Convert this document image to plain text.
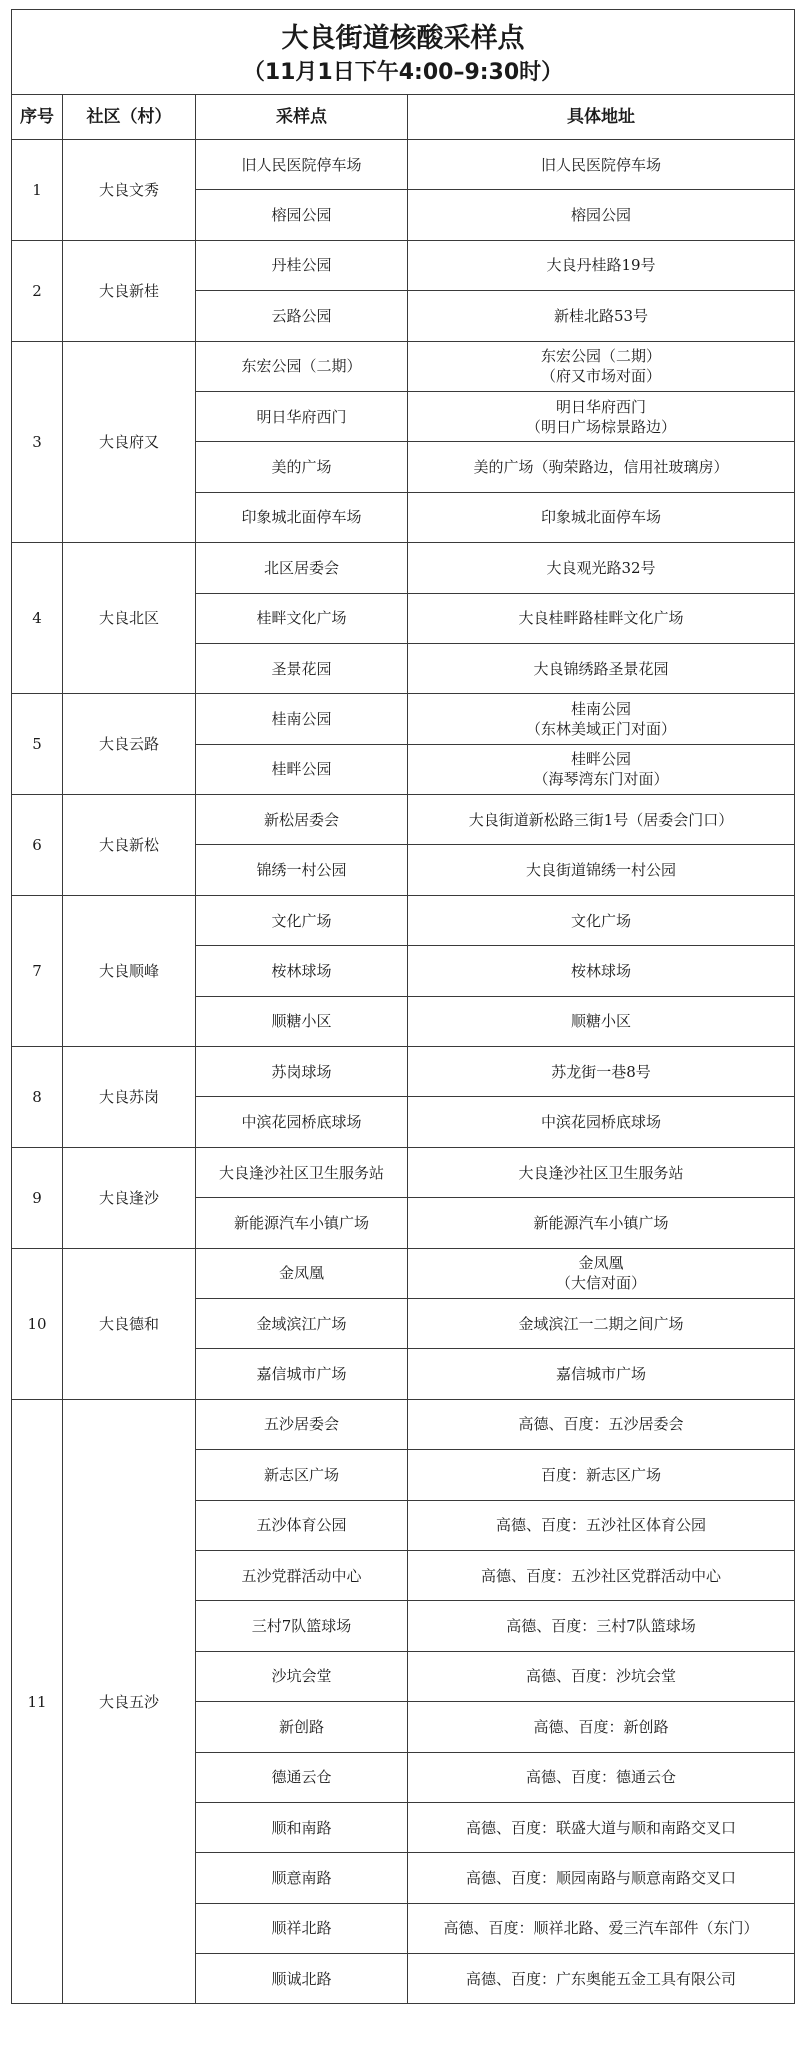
大良街道核酸采样点
（11月1日下午4:00–9:30时）			

序号	社区（村）	采样点	具体地址
1	大良文秀	旧人民医院停车场	旧人民医院停车场

		榕园公园	榕园公园

2	大良新桂	丹桂公园	大良丹桂路19号

		云路公园	新桂北路53号

3	大良府又	东宏公园（二期）	东宏公园（二期）
（府又市场对面）

		明日华府西门	明日华府西门
（明日广场棕景路边）

		美的广场	美的广场（驹荣路边，信用社玻璃房）

		印象城北面停车场	印象城北面停车场

4	大良北区	北区居委会	大良观光路32号

		桂畔文化广场	大良桂畔路桂畔文化广场

		圣景花园	大良锦绣路圣景花园

5	大良云路	桂南公园	桂南公园
（东林美域正门对面）

		桂畔公园	桂畔公园
（海琴湾东门对面）

6	大良新松	新松居委会	大良街道新松路三街1号（居委会门口）

		锦绣一村公园	大良街道锦绣一村公园

7	大良顺峰	文化广场	文化广场

		桉林球场	桉林球场

		顺糖小区	顺糖小区

8	大良苏岗	苏岗球场	苏龙街一巷8号

		中滨花园桥底球场	中滨花园桥底球场

9	大良逢沙	大良逢沙社区卫生服务站	大良逢沙社区卫生服务站

		新能源汽车小镇广场	新能源汽车小镇广场

10	大良德和	金凤凰	金凤凰
（大信对面）

		金域滨江广场	金域滨江一二期之间广场

		嘉信城市广场	嘉信城市广场

11	大良五沙	五沙居委会	高德、百度：五沙居委会

		新志区广场	百度：新志区广场

		五沙体育公园	高德、百度：五沙社区体育公园

		五沙党群活动中心	高德、百度：五沙社区党群活动中心

		三村7队篮球场	高德、百度：三村7队篮球场

		沙坑会堂	高德、百度：沙坑会堂

		新创路	高德、百度：新创路

		德通云仓	高德、百度：德通云仓

		顺和南路	高德、百度：联盛大道与顺和南路交叉口

		顺意南路	高德、百度：顺园南路与顺意南路交叉口

		顺祥北路	高德、百度：顺祥北路、爱三汽车部件（东门）

		顺诚北路	高德、百度：广东奥能五金工具有限公司
